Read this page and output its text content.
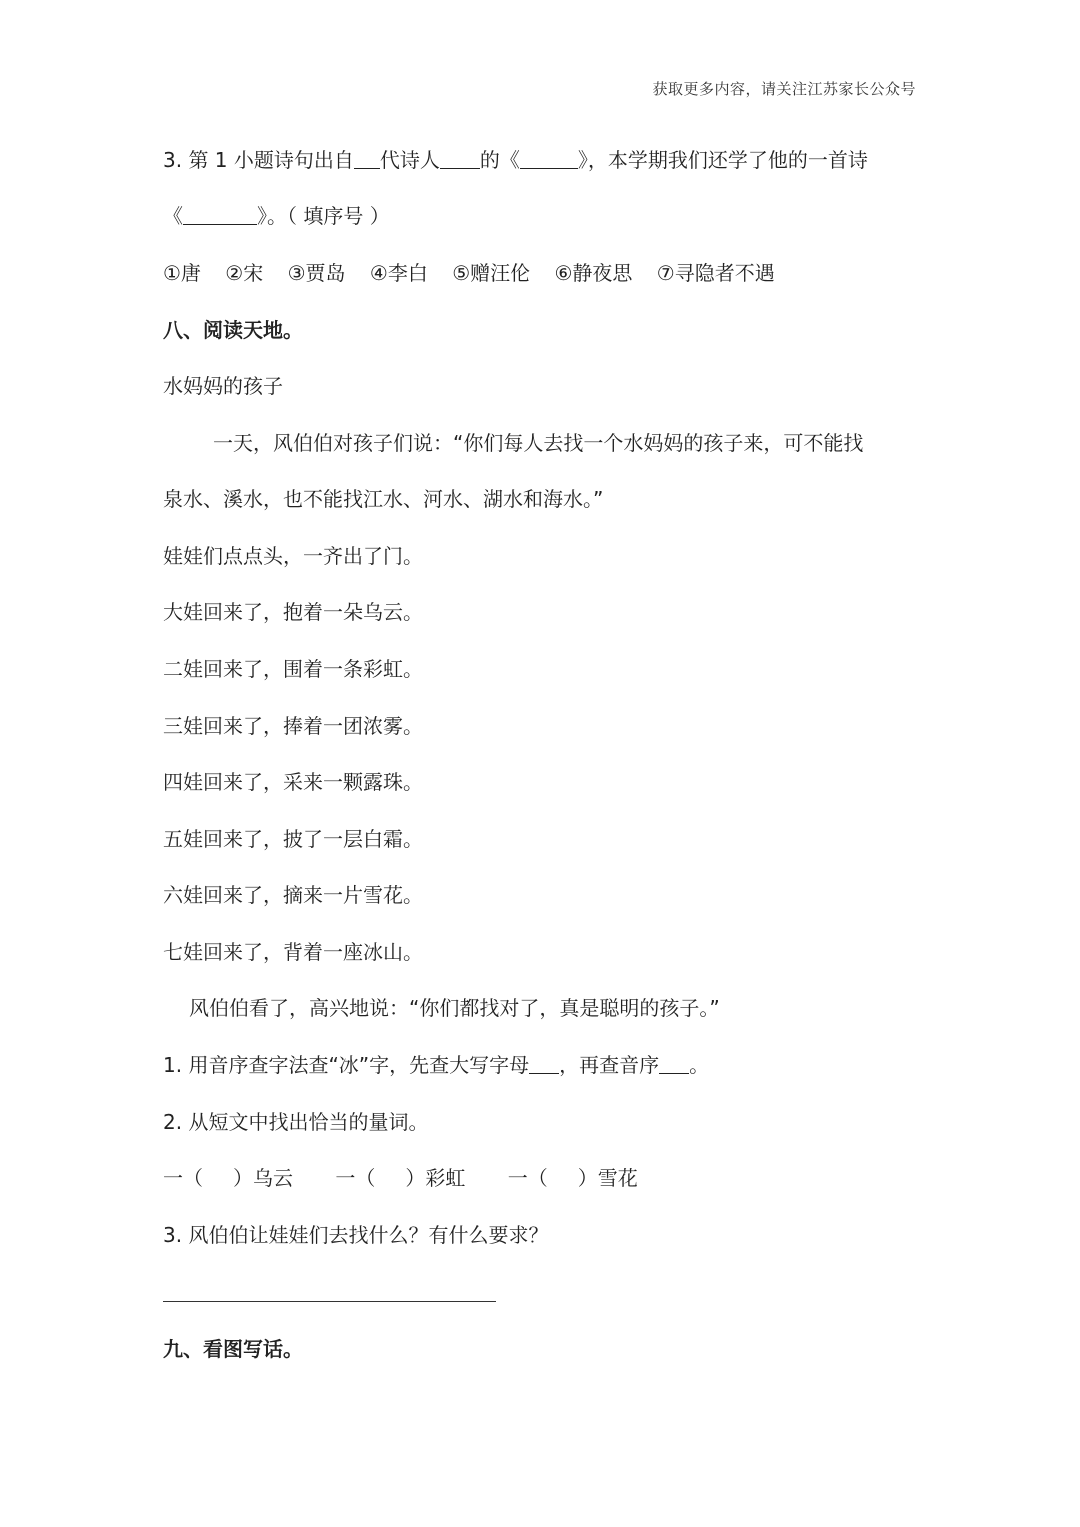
获取更多内容，请关注江苏家长公众号
3. 第 1 小题诗句出自 代诗人 的《	》，本学期我们还学了他的一首诗
《	》。（ 填序号 ）
①唐 ②宋 ③贾岛 ④李白 ⑤赠汪伦 ⑥静夜思 ⑦寻隐者不遇
八、阅读天地。
水妈妈的孩子
一天，风伯伯对孩子们说：“你们每人去找一个水妈妈的孩子来，可不能找
泉水、溪水，也不能找江水、河水、湖水和海水。”
娃娃们点点头，一齐出了门。
大娃回来了，抱着一朵乌云。
二娃回来了，围着一条彩虹。
三娃回来了，捧着一团浓雾。
四娃回来了，采来一颗露珠。
五娃回来了，披了一层白霜。
六娃回来了，摘来一片雪花。
七娃回来了，背着一座冰山。
风伯伯看了，高兴地说：“你们都找对了，真是聪明的孩子。”
1. 用音序查字法查“冰”字，先查大写字母 ，再查音序 。
2. 从短文中找出恰当的量词。
一（ ）乌云 一（ ）彩虹 一（ ）雪花
3. 风伯伯让娃娃们去找什么？有什么要求？
九、看图写话。
